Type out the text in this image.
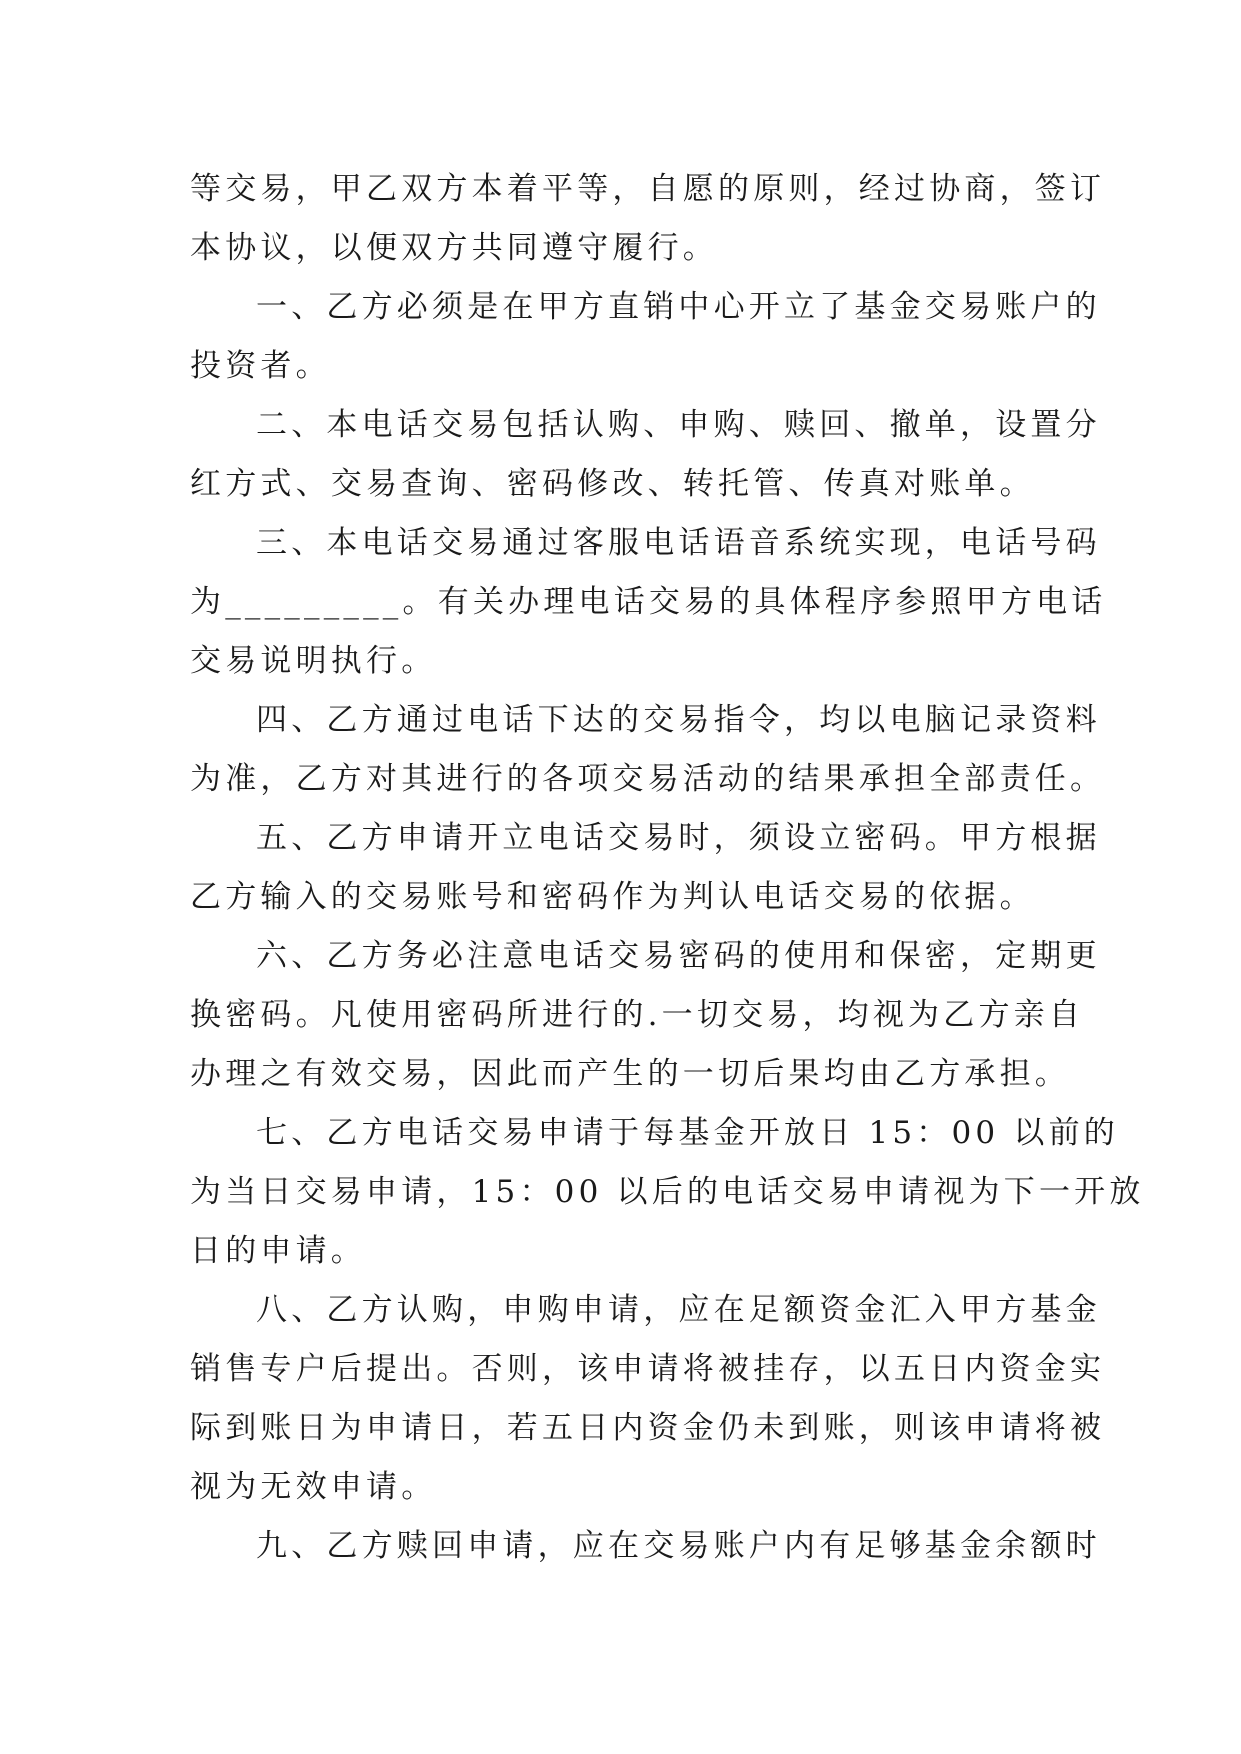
等交易，甲乙双方本着平等，自愿的原则，经过协商，签订
本协议，以便双方共同遵守履行。
一、乙方必须是在甲方直销中心开立了基金交易账户的
投资者。
二、本电话交易包括认购、申购、赎回、撤单，设置分
红方式、交易查询、密码修改、转托管、传真对账单。
三、本电话交易通过客服电话语音系统实现，电话号码
为_________。有关办理电话交易的具体程序参照甲方电话
交易说明执行。
四、乙方通过电话下达的交易指令，均以电脑记录资料
为准，乙方对其进行的各项交易活动的结果承担全部责任。
五、乙方申请开立电话交易时，须设立密码。甲方根据
乙方输入的交易账号和密码作为判认电话交易的依据。
六、乙方务必注意电话交易密码的使用和保密，定期更
换密码。凡使用密码所进行的.一切交易，均视为乙方亲自
办理之有效交易，因此而产生的一切后果均由乙方承担。
七、乙方电话交易申请于每基金开放日 15：00 以前的
为当日交易申请，15：00 以后的电话交易申请视为下一开放
日的申请。
八、乙方认购，申购申请，应在足额资金汇入甲方基金
销售专户后提出。否则，该申请将被挂存，以五日内资金实
际到账日为申请日，若五日内资金仍未到账，则该申请将被
视为无效申请。
九、乙方赎回申请，应在交易账户内有足够基金余额时
